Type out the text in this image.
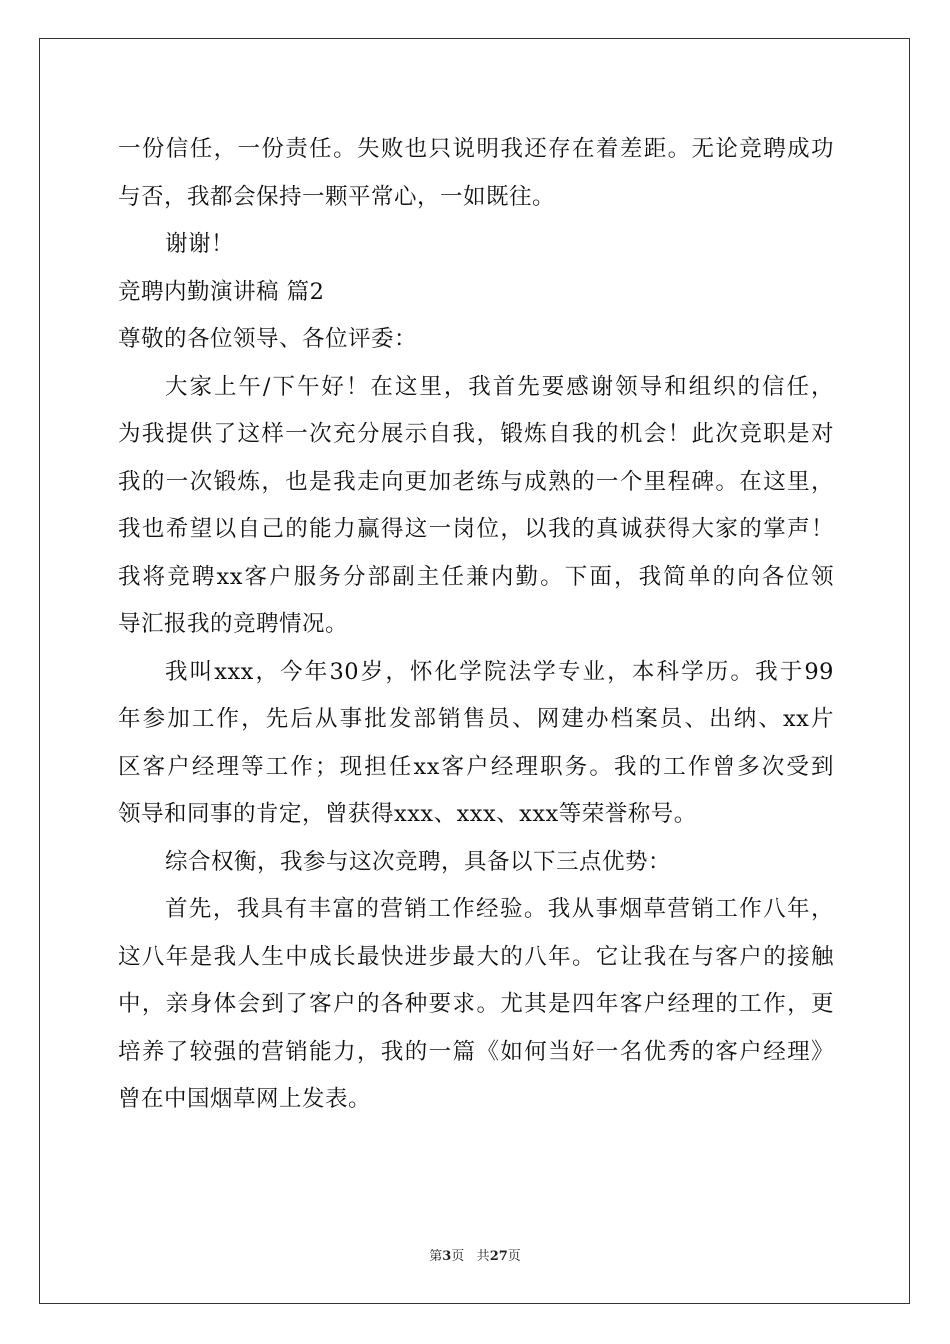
一份信任，一份责任。失败也只说明我还存在着差距。无论竞聘成功
与否，我都会保持一颗平常心，一如既往。
谢谢！
竞聘内勤演讲稿 篇2
尊敬的各位领导、各位评委：
大家上午/下午好！在这里，我首先要感谢领导和组织的信任，
为我提供了这样一次充分展示自我，锻炼自我的机会！此次竞职是对
我的一次锻炼，也是我走向更加老练与成熟的一个里程碑。在这里，
我也希望以自己的能力赢得这一岗位，以我的真诚获得大家的掌声！
我将竞聘xx客户服务分部副主任兼内勤。下面，我简单的向各位领
导汇报我的竞聘情况。
我叫xxx，今年30岁，怀化学院法学专业，本科学历。我于99
年参加工作，先后从事批发部销售员、网建办档案员、出纳、xx片
区客户经理等工作；现担任xx客户经理职务。我的工作曾多次受到
领导和同事的肯定，曾获得xxx、xxx、xxx等荣誉称号。
综合权衡，我参与这次竞聘，具备以下三点优势：
首先，我具有丰富的营销工作经验。我从事烟草营销工作八年，
这八年是我人生中成长最快进步最大的八年。它让我在与客户的接触
中，亲身体会到了客户的各种要求。尤其是四年客户经理的工作，更
培养了较强的营销能力，我的一篇《如何当好一名优秀的客户经理》
曾在中国烟草网上发表。
第3页 共27页
